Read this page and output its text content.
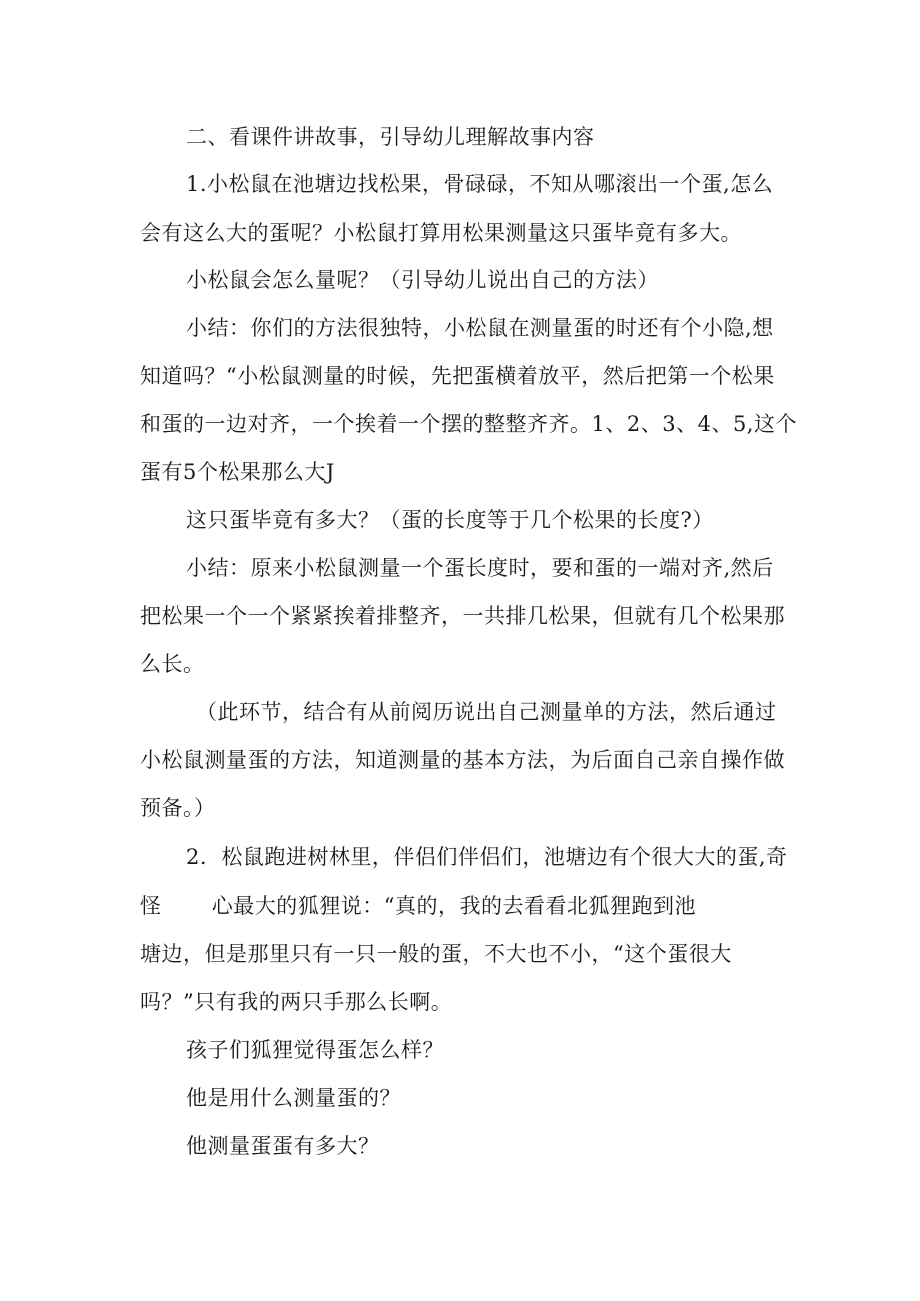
二、看课件讲故事，引导幼儿理解故事内容

1.小松鼠在池塘边找松果，骨碌碌，不知从哪滚出一个蛋,怎么

会有这么大的蛋呢？小松鼠打算用松果测量这只蛋毕竟有多大。

小松鼠会怎么量呢？（引导幼儿说出自己的方法）

小结：你们的方法很独特，小松鼠在测量蛋的时还有个小隐,想

知道吗？“小松鼠测量的时候，先把蛋横着放平，然后把第一个松果

和蛋的一边对齐，一个挨着一个摆的整整齐齐。1、2、3、4、5,这个

蛋有5个松果那么大J

这只蛋毕竟有多大？（蛋的长度等于几个松果的长度?）

小结：原来小松鼠测量一个蛋长度时，要和蛋的一端对齐,然后

把松果一个一个紧紧挨着排整齐，一共排几松果，但就有几个松果那

么长。

（此环节，结合有从前阅历说出自己测量单的方法，然后通过

小松鼠测量蛋的方法，知道测量的基本方法，为后面自己亲自操作做

预备。）

2．松鼠跑进树林里，伴侣们伴侣们，池塘边有个很大大的蛋,奇

怪       心最大的狐狸说：“真的，我的去看看北狐狸跑到池

塘边，但是那里只有一只一般的蛋，不大也不小，“这个蛋很大

吗？”只有我的两只手那么长啊。

孩子们狐狸觉得蛋怎么样？

他是用什么测量蛋的？

他测量蛋蛋有多大？
